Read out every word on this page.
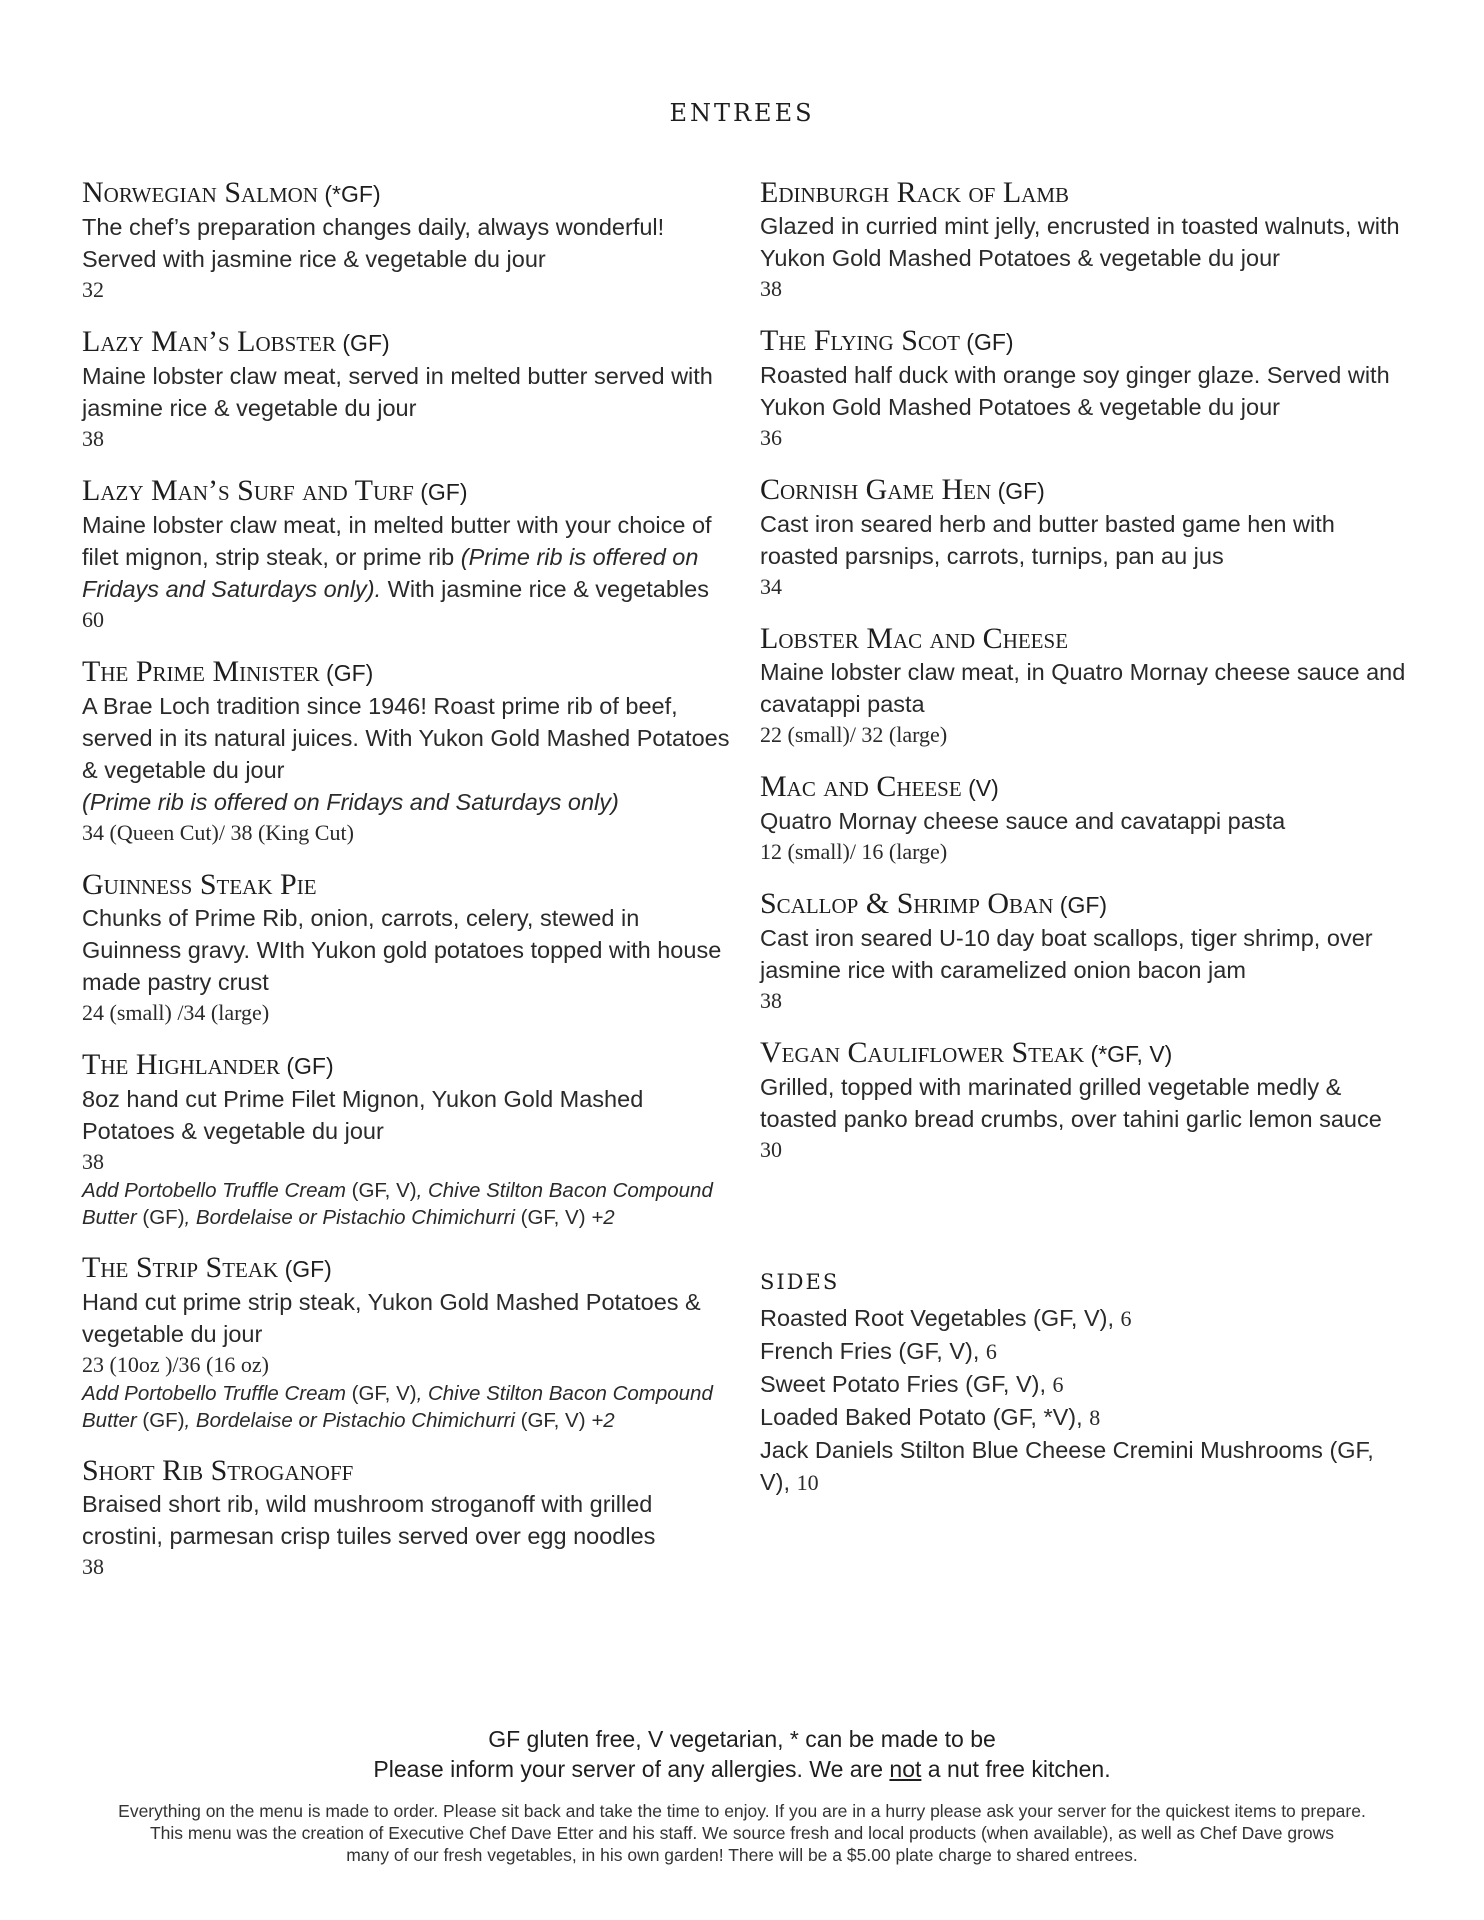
entrees
Norwegian Salmon (*GF)
The chef’s preparation changes daily, always wonderful! Served with jasmine rice & vegetable du jour
32
Lazy Man’s Lobster (GF)
Maine lobster claw meat, served in melted butter served with jasmine rice & vegetable du jour
38
Lazy Man’s Surf and Turf (GF)
Maine lobster claw meat, in melted butter with your choice of filet mignon, strip steak, or prime rib (Prime rib is offered on Fridays and Saturdays only). With jasmine rice & vegetables
60
The Prime Minister (GF)
A Brae Loch tradition since 1946! Roast prime rib of beef, served in its natural juices. With Yukon Gold Mashed Potatoes & vegetable du jour
(Prime rib is offered on Fridays and Saturdays only)
34 (Queen Cut)/ 38 (King Cut)
Guinness Steak Pie
Chunks of Prime Rib, onion, carrots, celery, stewed in Guinness gravy. WIth Yukon gold potatoes topped with house made pastry crust
24 (small) /34 (large)
The Highlander (GF)
8oz hand cut Prime Filet Mignon, Yukon Gold Mashed Potatoes & vegetable du jour
38
Add Portobello Truffle Cream (GF, V), Chive Stilton Bacon Compound Butter (GF), Bordelaise or Pistachio Chimichurri (GF, V) +2
The Strip Steak (GF)
Hand cut prime strip steak, Yukon Gold Mashed Potatoes & vegetable du jour
23 (10oz )/36 (16 oz)
Add Portobello Truffle Cream (GF, V), Chive Stilton Bacon Compound Butter (GF), Bordelaise or Pistachio Chimichurri (GF, V) +2
Short Rib Stroganoff
Braised short rib, wild mushroom stroganoff with grilled crostini, parmesan crisp tuiles served over egg noodles
38
Edinburgh Rack of Lamb
Glazed in curried mint jelly, encrusted in toasted walnuts, with Yukon Gold Mashed Potatoes & vegetable du jour
38
The Flying Scot (GF)
Roasted half duck with orange soy ginger glaze. Served with Yukon Gold Mashed Potatoes & vegetable du jour
36
Cornish Game Hen (GF)
Cast iron seared herb and butter basted game hen with roasted parsnips, carrots, turnips, pan au jus
34
Lobster Mac and Cheese
Maine lobster claw meat, in Quatro Mornay cheese sauce and cavatappi pasta
22 (small)/ 32 (large)
Mac and Cheese (V)
Quatro Mornay cheese sauce and cavatappi pasta
12 (small)/ 16 (large)
Scallop & Shrimp Oban (GF)
Cast iron seared U-10 day boat scallops, tiger shrimp, over jasmine rice with caramelized onion bacon jam
38
Vegan Cauliflower Steak (*GF, V)
Grilled, topped with marinated grilled vegetable medly & toasted panko bread crumbs, over tahini garlic lemon sauce
30
sides
Roasted Root Vegetables (GF, V), 6
French Fries (GF, V), 6
Sweet Potato Fries (GF, V), 6
Loaded Baked Potato (GF, *V), 8
Jack Daniels Stilton Blue Cheese Cremini Mushrooms (GF, V), 10
GF gluten free, V vegetarian, * can be made to be
Please inform your server of any allergies. We are not a nut free kitchen.
Everything on the menu is made to order. Please sit back and take the time to enjoy. If you are in a hurry please ask your server for the quickest items to prepare.
This menu was the creation of Executive Chef Dave Etter and his staff. We source fresh and local products (when available), as well as Chef Dave grows
many of our fresh vegetables, in his own garden! There will be a $5.00 plate charge to shared entrees.
